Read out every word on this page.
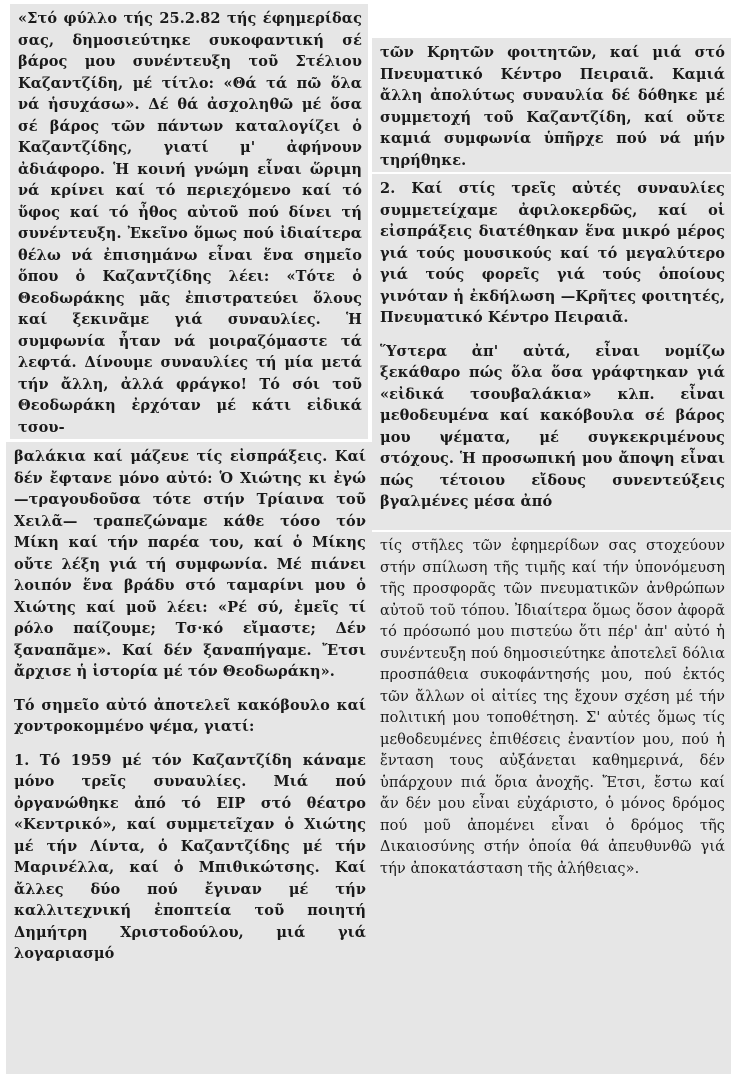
«Στό φύλλο τής 25.2.82 τής έφημερίδας σας, δημοσιεύτηκε συκοφαντική σέ βάρος μου συνέντευξη τοῦ Στέλιου Καζαντζίδη, μέ τίτλο: «Θά τά πῶ ὅλα νά ἡσυχάσω». Δέ θά ἀσχοληθῶ μέ ὅσα σέ βάρος τῶν πάντων καταλογίζει ὁ Καζαντζίδης, γιατί μ' ἀφήνουν ἀδιάφορο. Ἡ κοινή γνώμη εἶναι ὥριμη νά κρίνει καί τό περιεχόμενο καί τό ὕφος καί τό ἦθος αὐτοῦ πού δίνει τή συνέντευξη. Ἐκεῖνο ὅμως πού ἰδιαίτερα θέλω νά ἐπισημάνω εἶναι ἕνα σημεῖο ὅπου ὁ Καζαντζίδης λέει: «Τότε ὁ Θεοδωράκης μᾶς ἐπιστρατεύει ὅλους καί ξεκινᾶμε γιά συναυλίες. Ἡ συμφωνία ἦταν νά μοιραζόμαστε τά λεφτά. Δίνουμε συναυλίες τή μία μετά τήν ἄλλη, ἀλλά φράγκο! Τό σόι τοῦ Θεοδωράκη ἐρχόταν μέ κάτι εἰδικά τσου-

βαλάκια καί μάζευε τίς εἰσπράξεις. Καί δέν ἔφτανε μόνο αὐτό: Ὁ Χιώτης κι ἐγώ —τραγουδοῦσα τότε στήν Τρίαινα τοῦ Χειλᾶ— τραπεζώναμε κάθε τόσο τόν Μίκη καί τήν παρέα του, καί ὁ Μίκης οὔτε λέξη γιά τή συμφωνία. Μέ πιάνει λοιπόν ἕνα βράδυ στό ταμαρίνι μου ὁ Χιώτης καί μοῦ λέει: «Ρέ σύ, ἐμεῖς τί ρόλο παίζουμε; Τσ·κό εἴμαστε; Δέν ξαναπᾶμε». Καί δέν ξαναπήγαμε. Ἔτσι ἄρχισε ἡ ἱστορία μέ τόν Θεοδωράκη».

Τό σημεῖο αὐτό ἀποτελεῖ κακόβουλο καί χοντροκομμένο ψέμα, γιατί:

1. Τό 1959 μέ τόν Καζαντζίδη κάναμε μόνο τρεῖς συναυλίες. Μιά πού ὀργανώθηκε ἀπό τό ΕΙΡ στό θέατρο «Κεντρικό», καί συμμετεῖχαν ὁ Χιώτης μέ τήν Λίντα, ὁ Καζαντζίδης μέ τήν Μαρινέλλα, καί ὁ Μπιθικώτσης. Καί ἄλλες δύο πού ἔγιναν μέ τήν καλλιτεχνική ἐποπτεία τοῦ ποιητή Δημήτρη Χριστοδούλου, μιά γιά λογαριασμό

τῶν Κρητῶν φοιτητῶν, καί μιά στό Πνευματικό Κέντρο Πειραιᾶ. Καμιά ἄλλη ἀπολύτως συναυλία δέ δόθηκε μέ συμμετοχή τοῦ Καζαντζίδη, καί οὔτε καμιά συμφωνία ὑπῆρχε πού νά μήν τηρήθηκε.

2. Καί στίς τρεῖς αὐτές συναυλίες συμμετείχαμε ἀφιλοκερδῶς, καί οἱ εἰσπράξεις διατέθηκαν ἕνα μικρό μέρος γιά τούς μουσικούς καί τό μεγαλύτερο γιά τούς φορεῖς γιά τούς ὁποίους γινόταν ἡ ἐκδήλωση —Κρῆτες φοιτητές, Πνευματικό Κέντρο Πειραιᾶ.

Ὕστερα ἀπ' αὐτά, εἶναι νομίζω ξεκάθαρο πώς ὅλα ὅσα γράφτηκαν γιά «εἰδικά τσουβαλάκια» κλπ. εἶναι μεθοδευμένα καί κακόβουλα σέ βάρος μου ψέματα, μέ συγκεκριμένους στόχους. Ἡ προσωπική μου ἄποψη εἶναι πώς τέτοιου εἴδους συνεντεύξεις βγαλμένες μέσα ἀπό

τίς στῆλες τῶν ἐφημερίδων σας στοχεύουν στήν σπίλωση τῆς τιμῆς καί τήν ὑπονόμευση τῆς προσφορᾶς τῶν πνευματικῶν ἀνθρώπων αὐτοῦ τοῦ τόπου. Ἰδιαίτερα ὅμως ὅσον ἀφορᾶ τό πρόσωπό μου πιστεύω ὅτι πέρ' ἀπ' αὐτό ἡ συνέντευξη πού δημοσιεύτηκε ἀποτελεῖ δόλια προσπάθεια συκοφάντησής μου, πού ἐκτός τῶν ἄλλων οἱ αἰτίες της ἔχουν σχέση μέ τήν πολιτική μου τοποθέτηση. Σ' αὐτές ὅμως τίς μεθοδευμένες ἐπιθέσεις ἐναντίον μου, πού ἡ ἔνταση τους αὐξάνεται καθημερινά, δέν ὑπάρχουν πιά ὅρια ἀνοχῆς. Ἔτσι, ἔστω καί ἄν δέν μου εἶναι εὐχάριστο, ὁ μόνος δρόμος πού μοῦ ἀπομένει εἶναι ὁ δρόμος τῆς Δικαιοσύνης στήν ὁποία θά ἀπευθυνθῶ γιά τήν ἀποκατάσταση τῆς ἀλήθειας».
